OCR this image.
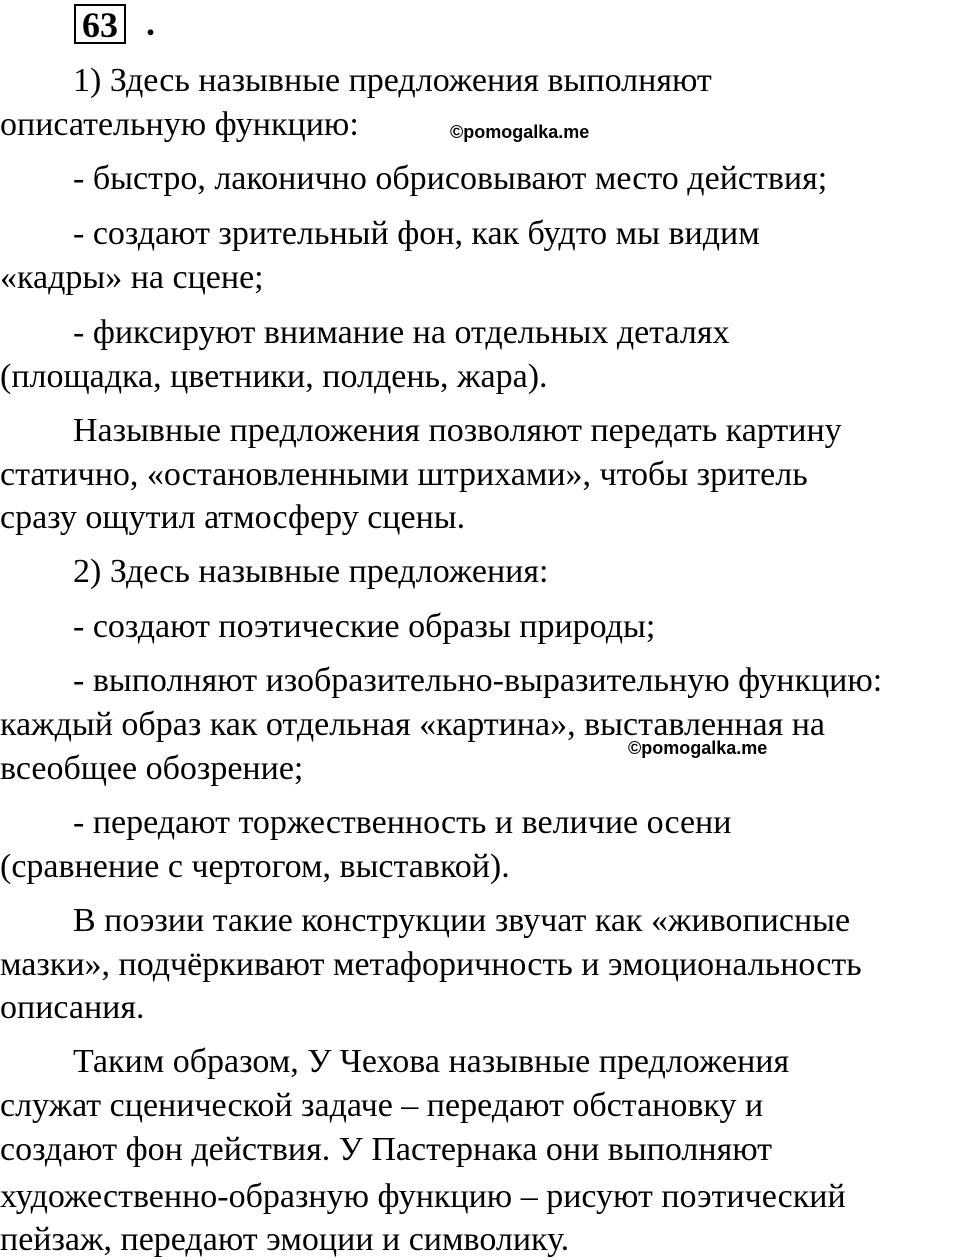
63 .
1) Здесь назывные предложения выполняют
описательную функцию:	©pomogalka.me
- быстро, лаконично обрисовывают место действия;
- создают зрительный фон, как будто мы видим
«кадры» на сцене;
- фиксируют внимание на отдельных деталях
(площадка, цветники, полдень, жара).
Назывные предложения позволяют передать картину
статично, «остановленными штрихами», чтобы зритель
сразу ощутил атмосферу сцены.
2) Здесь назывные предложения:
- создают поэтические образы природы;
- выполняют изобразительно-выразительную функцию:
каждый образ как отдельная «картина», выставленная на
©pomogalka.me
всеобщее обозрение;
- передают торжественность и величие осени
(сравнение с чертогом, выставкой).
В поэзии такие конструкции звучат как «живописные
мазки», подчёркивают метафоричность и эмоциональность
описания.
Таким образом, У Чехова назывные предложения
служат сценической задаче – передают обстановку и
создают фон действия. У Пастернака они выполняют
художественно-образную функцию – рисуют поэтический
пейзаж, передают эмоции и символику.
